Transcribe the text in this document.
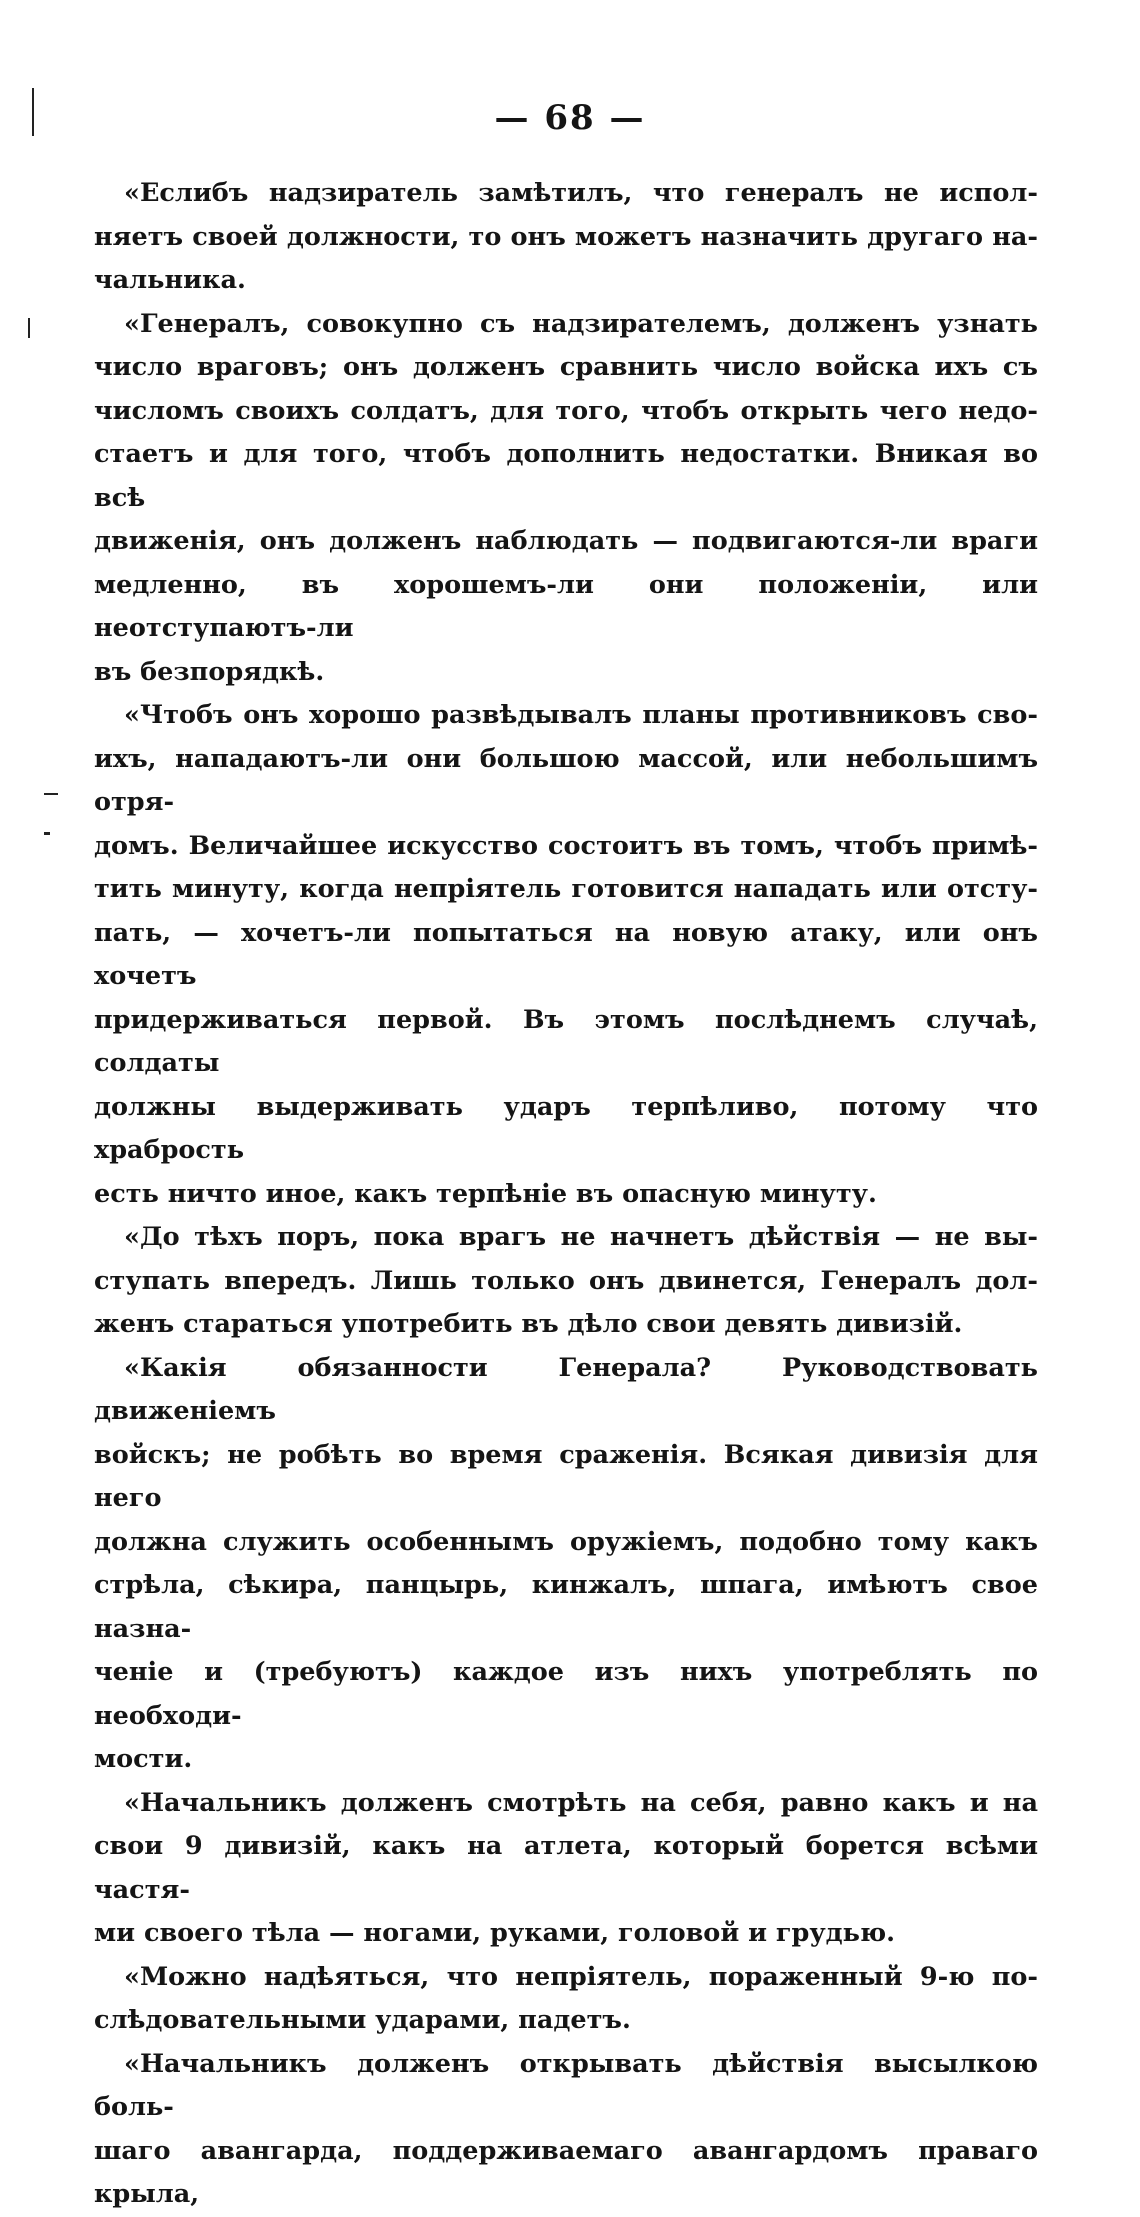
— 68 —

«Еслибъ надзиратель замѣтилъ, что генералъ не испол-
няетъ своей должности, то онъ можетъ назначить другаго на-
чальника.

«Генералъ, совокупно съ надзирателемъ, долженъ узнать
число враговъ; онъ долженъ сравнить число войска ихъ съ
числомъ своихъ солдатъ, для того, чтобъ открыть чего недо-
стаетъ и для того, чтобъ дополнить недостатки. Вникая во всѣ
движенія, онъ долженъ наблюдать — подвигаются-ли враги
медленно, въ хорошемъ-ли они положеніи, или неотступаютъ-ли
въ безпорядкѣ.

«Чтобъ онъ хорошо развѣдывалъ планы противниковъ сво-
ихъ, нападаютъ-ли они большою массой, или небольшимъ отря-
домъ. Величайшее искусство состоитъ въ томъ, чтобъ примѣ-
тить минуту, когда непріятель готовится нападать или отсту-
пать, — хочетъ-ли попытаться на новую атаку, или онъ хочетъ
придерживаться первой. Въ этомъ послѣднемъ случаѣ, солдаты
должны выдерживать ударъ терпѣливо, потому что храбрость
есть ничто иное, какъ терпѣніе въ опасную минуту.

«До тѣхъ поръ, пока врагъ не начнетъ дѣйствія — не вы-
ступать впередъ. Лишь только онъ двинется, Генералъ дол-
женъ стараться употребить въ дѣло свои девять дивизій.

«Какія обязанности Генерала? Руководствовать движеніемъ
войскъ; не робѣть во время сраженія. Всякая дивизія для него
должна служить особеннымъ оружіемъ, подобно тому какъ
стрѣла, сѣкира, панцырь, кинжалъ, шпага, имѣютъ свое назна-
ченіе и (требуютъ) каждое изъ нихъ употреблять по необходи-
мости.

«Начальникъ долженъ смотрѣть на себя, равно какъ и на
свои 9 дивизій, какъ на атлета, который борется всѣми частя-
ми своего тѣла — ногами, руками, головой и грудью.

«Можно надѣяться, что непріятель, пораженный 9-ю по-
слѣдовательными ударами, падетъ.

«Начальникъ долженъ открывать дѣйствія высылкою боль-
шаго авангарда, поддерживаемаго авангардомъ праваго крыла,
